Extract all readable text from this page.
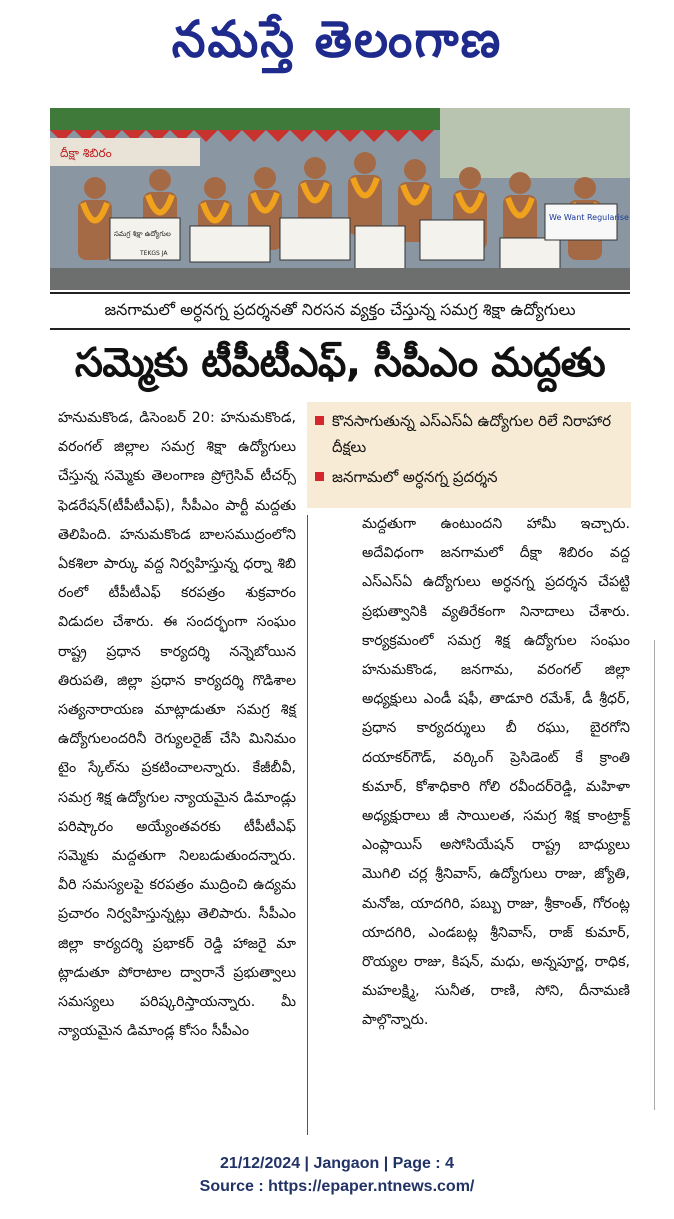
నమస్తే తెలంగాణ
దీక్షా శిబిరం
సమగ్ర శిక్షా ఉద్యోగుల
TEKGS JA
We Want Regularise
జనగామలో అర్ధనగ్న ప్రదర్శనతో నిరసన వ్యక్తం చేస్తున్న సమగ్ర శిక్షా ఉద్యోగులు
సమ్మెకు టీపీటీఎఫ్, సీపీఎం మద్దతు
కొనసాగుతున్న ఎస్‌ఎస్‌ఏ ఉద్యోగుల రిలే నిరాహార దీక్షలు
జనగామలో అర్ధనగ్న ప్రదర్శన

హనుమకొండ, డిసెంబర్ 20: హనుమకొండ, వరంగల్ జిల్లాల సమగ్ర శిక్షా ఉద్యోగులు చేస్తున్న సమ్మెకు తెలంగాణ ప్రోగ్రెసివ్ టీచర్స్ ఫెడరేషన్(టీపీటీఎఫ్), సీపీఎం పార్టీ మద్దతు తెలిపింది. హనుమకొండ బాలసముద్రంలోని ఏకశిలా పార్కు వద్ద నిర్వహిస్తున్న ధర్నా శిబి రంలో టీపీటీఎఫ్ కరపత్రం శుక్రవారం విడుదల చేశారు. ఈ సందర్భంగా సంఘం రాష్ట్ర ప్రధాన కార్యదర్శి నన్నెబోయిన తిరుపతి, జిల్లా ప్రధాన కార్యదర్శి గొడిశాల సత్యనారాయణ మాట్లాడుతూ సమగ్ర శిక్ష ఉద్యోగులందరినీ రెగ్యులరైజ్ చేసి మినిమం టైం స్కేల్‌ను ప్రకటించాలన్నారు. కేజీబీవీ, సమగ్ర శిక్ష ఉద్యోగుల న్యాయమైన డిమాండ్లు పరిష్కారం అయ్యేంతవరకు టీపీటీఎఫ్ సమ్మెకు మద్దతుగా నిలబడుతుందన్నారు. వీరి సమస్యలపై కరపత్రం ముద్రించి ఉద్యమ ప్రచారం నిర్వహిస్తున్నట్లు తెలిపారు. సీపీఎం జిల్లా కార్యదర్శి ప్రభాకర్ రెడ్డి హాజరై మా ట్లాడుతూ పోరాటాల ద్వారానే ప్రభుత్వాలు సమస్యలు పరిష్కరిస్తాయన్నారు. మీ న్యాయమైన డిమాండ్ల కోసం సీపీఎం

మద్దతుగా ఉంటుందని హామీ ఇచ్చారు. అదేవిధంగా జనగామలో దీక్షా శిబిరం వద్ద ఎస్‌ఎస్‌ఏ ఉద్యోగులు అర్ధనగ్న ప్రదర్శన చేపట్టి ప్రభుత్వానికి వ్యతిరేకంగా నినాదాలు చేశారు. కార్యక్రమంలో సమగ్ర శిక్ష ఉద్యోగుల సంఘం హనుమకొండ, జనగామ, వరంగల్ జిల్లా అధ్యక్షులు ఎండీ షఫీ, తాడూరి రమేశ్, డీ శ్రీధర్, ప్రధాన కార్యదర్శులు బీ రఘు, బైరగోని దయాకర్‌గౌడ్, వర్కింగ్ ప్రెసిడెంట్ కే క్రాంతి కుమార్, కోశాధికారి గోలి రవీందర్‌రెడ్డి, మహిళా అధ్యక్షురాలు జీ సాయిలత, సమగ్ర శిక్ష కాంట్రాక్ట్ ఎంప్లాయిస్ అసోసియేషన్ రాష్ట్ర బాధ్యులు మొగిలి చర్ల శ్రీనివాస్, ఉద్యోగులు రాజు, జ్యోతి, మనోజ, యాదగిరి, పబ్బు రాజు, శ్రీకాంత్, గోరంట్ల యాదగిరి, ఎండబట్ల శ్రీనివాస్, రాజ్ కుమార్, రొయ్యల రాజు, కిషన్, మధు, అన్నపూర్ణ, రాధిక, మహలక్ష్మి, సునీత, రాణి, సోని, దీనామణి పాల్గొన్నారు.

21/12/2024 | Jangaon | Page : 4
Source : https://epaper.ntnews.com/
